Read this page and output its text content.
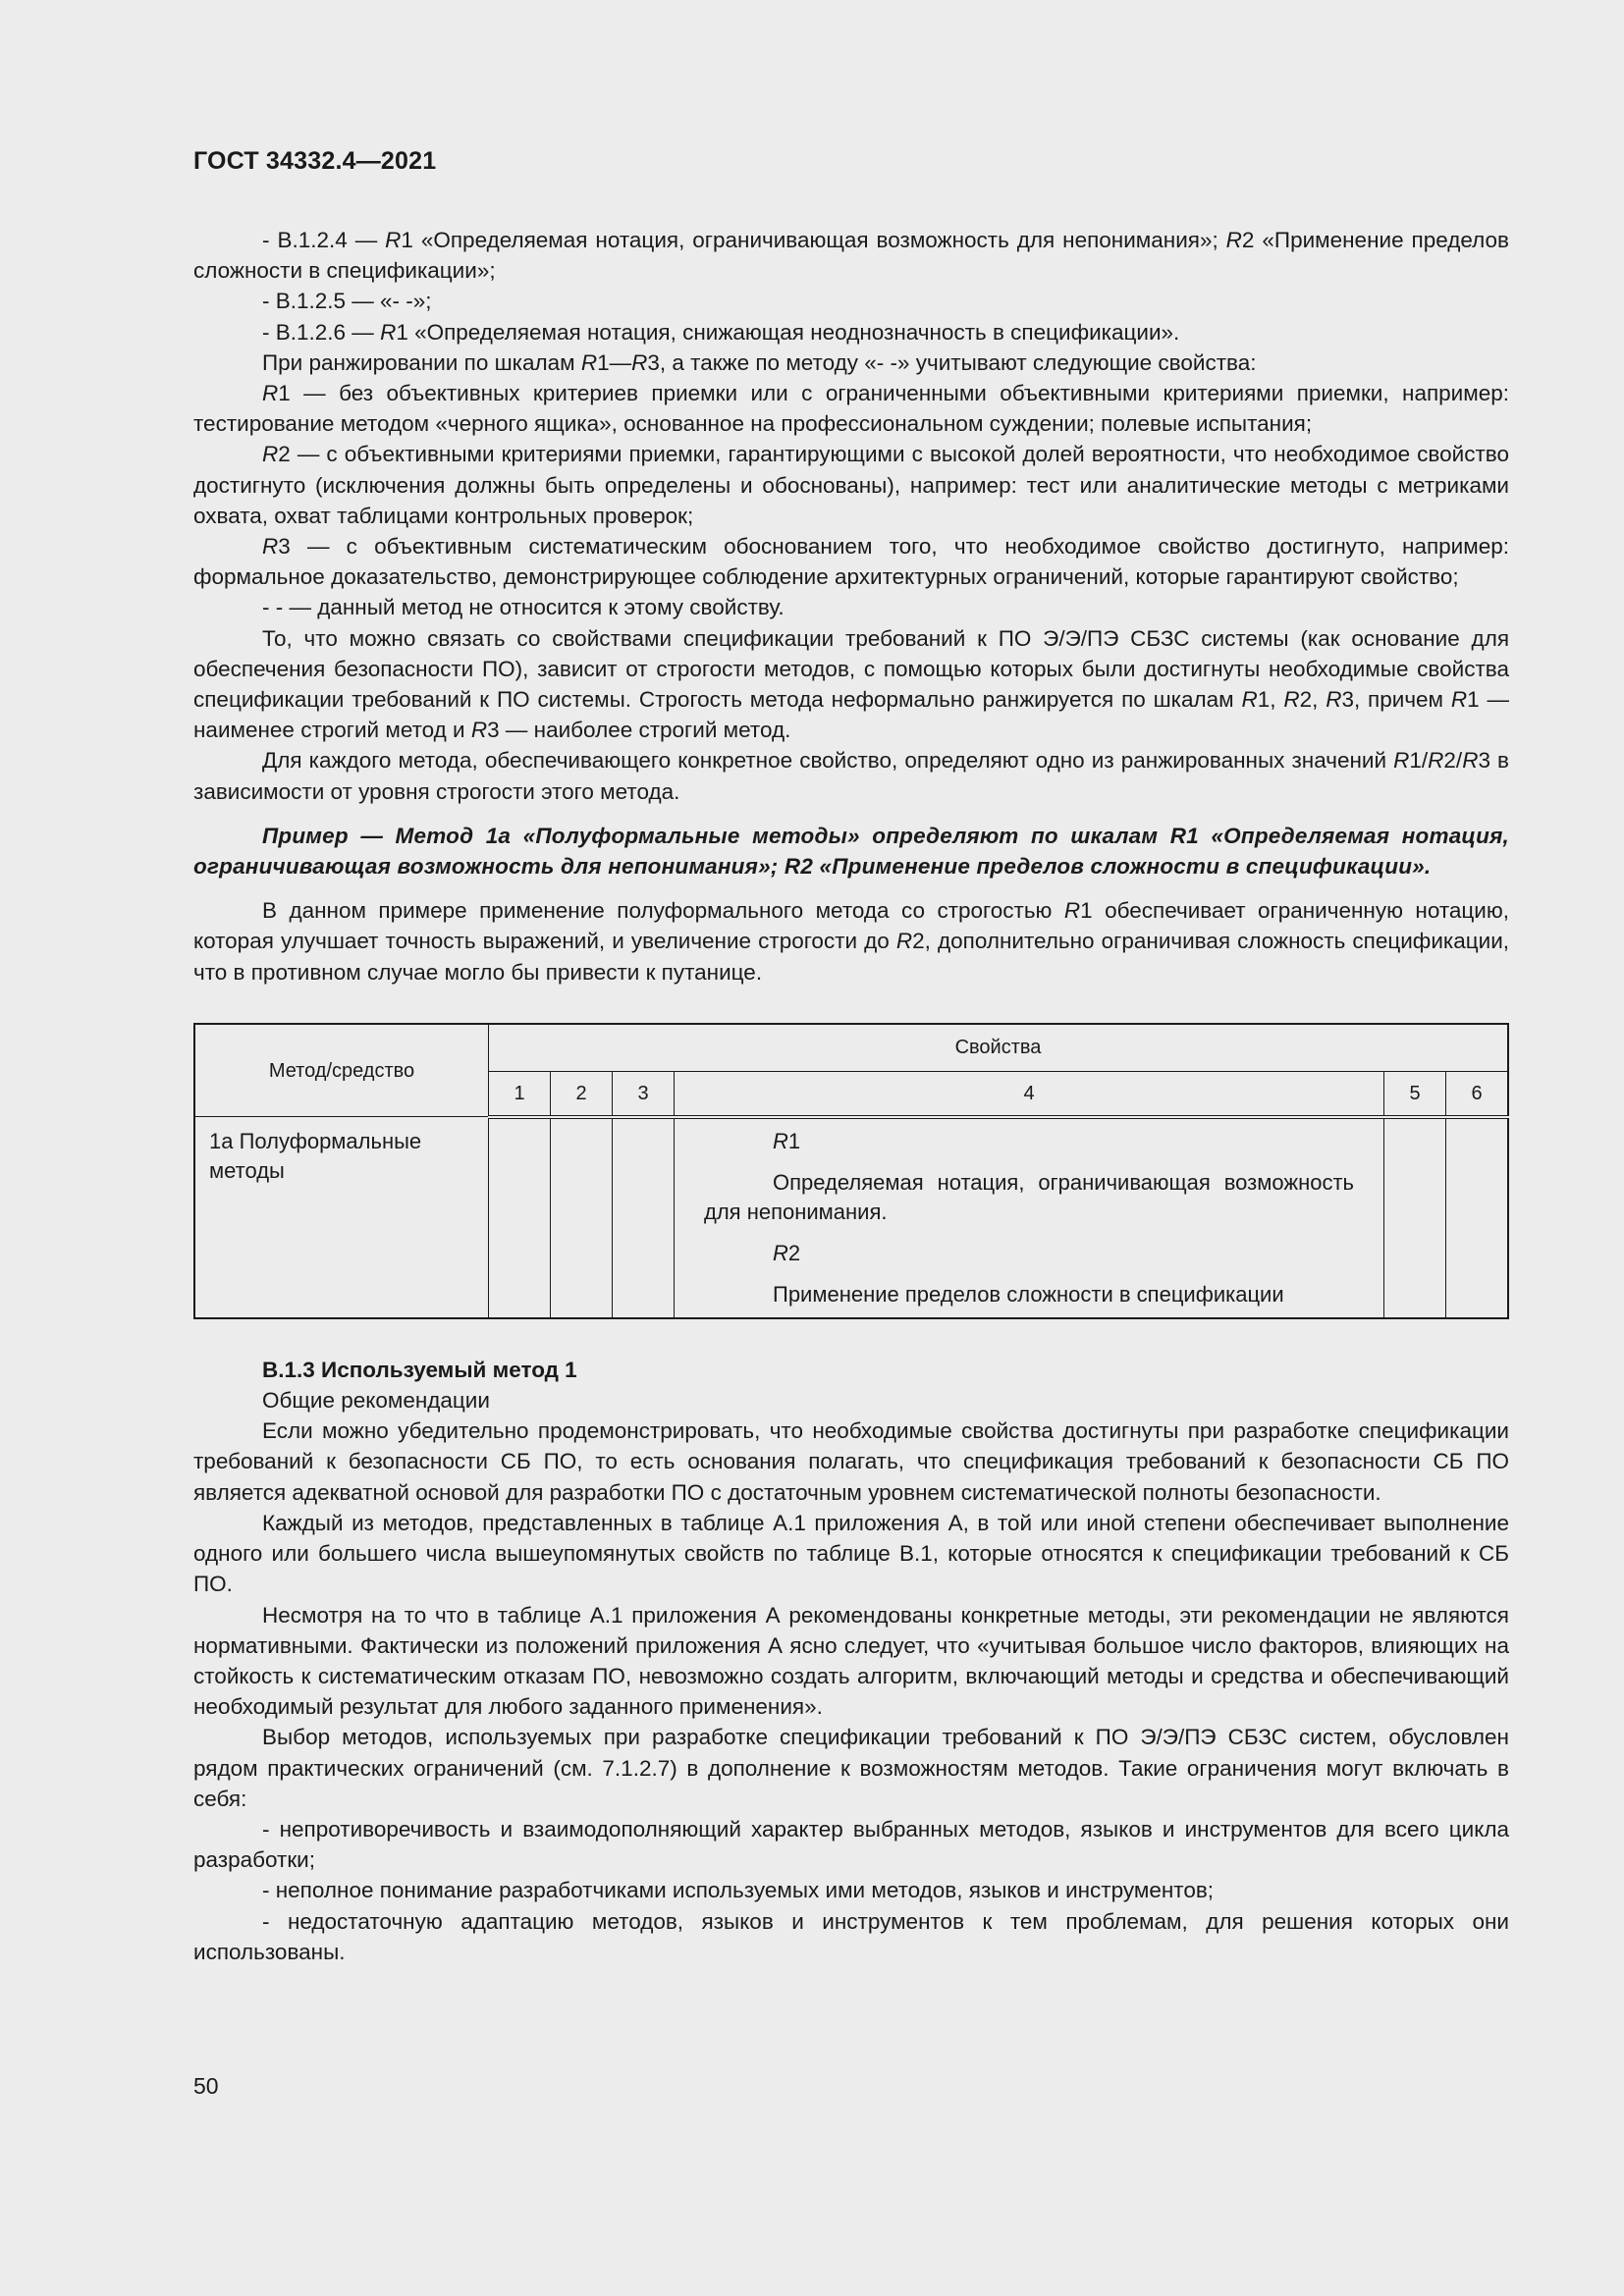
ГОСТ 34332.4—2021

- B.1.2.4 — R1 «Определяемая нотация, ограничивающая возможность для непонимания»; R2 «Применение пределов сложности в спецификации»;

- B.1.2.5 — «- -»;

- B.1.2.6 — R1 «Определяемая нотация, снижающая неоднозначность в спецификации».

При ранжировании по шкалам R1—R3, а также по методу «- -» учитывают следующие свойства:

R1 — без объективных критериев приемки или с ограниченными объективными критериями приемки, например: тестирование методом «черного ящика», основанное на профессиональном суждении; полевые испытания;

R2 — с объективными критериями приемки, гарантирующими с высокой долей вероятности, что необходимое свойство достигнуто (исключения должны быть определены и обоснованы), например: тест или аналитические методы с метриками охвата, охват таблицами контрольных проверок;

R3 — с объективным систематическим обоснованием того, что необходимое свойство достигнуто, например: формальное доказательство, демонстрирующее соблюдение архитектурных ограничений, которые гарантируют свойство;

- - — данный метод не относится к этому свойству.

То, что можно связать со свойствами спецификации требований к ПО Э/Э/ПЭ СБЗС системы (как основание для обеспечения безопасности ПО), зависит от строгости методов, с помощью которых были достигнуты необходимые свойства спецификации требований к ПО системы. Строгость метода неформально ранжируется по шкалам R1, R2, R3, причем R1 — наименее строгий метод и R3 — наиболее строгий метод.

Для каждого метода, обеспечивающего конкретное свойство, определяют одно из ранжированных значений R1/R2/R3 в зависимости от уровня строгости этого метода.

Пример — Метод 1a «Полуформальные методы» определяют по шкалам R1 «Определяемая нотация, ограничивающая возможность для непонимания»; R2 «Применение пределов сложности в спецификации».

В данном примере применение полуформального метода со строгостью R1 обеспечивает ограниченную нотацию, которая улучшает точность выражений, и увеличение строгости до R2, дополнительно ограничивая сложность спецификации, что в противном случае могло бы привести к путанице.

Метод/средство	Свойства					
	1	2	3	4	5	6
1a Полуформальные методы				R1

Определяемая нотация, ограничивающая возможность для непонимания.

R2

Применение пределов сложности в спецификации		

B.1.3 Используемый метод 1

Общие рекомендации

Если можно убедительно продемонстрировать, что необходимые свойства достигнуты при разработке спецификации требований к безопасности СБ ПО, то есть основания полагать, что спецификация требований к безопасности СБ ПО является адекватной основой для разработки ПО с достаточным уровнем систематической полноты безопасности.

Каждый из методов, представленных в таблице А.1 приложения А, в той или иной степени обеспечивает выполнение одного или большего числа вышеупомянутых свойств по таблице B.1, которые относятся к спецификации требований к СБ ПО.

Несмотря на то что в таблице А.1 приложения А рекомендованы конкретные методы, эти рекомендации не являются нормативными. Фактически из положений приложения А ясно следует, что «учитывая большое число факторов, влияющих на стойкость к систематическим отказам ПО, невозможно создать алгоритм, включающий методы и средства и обеспечивающий необходимый результат для любого заданного применения».

Выбор методов, используемых при разработке спецификации требований к ПО Э/Э/ПЭ СБЗС систем, обусловлен рядом практических ограничений (см. 7.1.2.7) в дополнение к возможностям методов. Такие ограничения могут включать в себя:

- непротиворечивость и взаимодополняющий характер выбранных методов, языков и инструментов для всего цикла разработки;

- неполное понимание разработчиками используемых ими методов, языков и инструментов;

- недостаточную адаптацию методов, языков и инструментов к тем проблемам, для решения которых они использованы.

50
